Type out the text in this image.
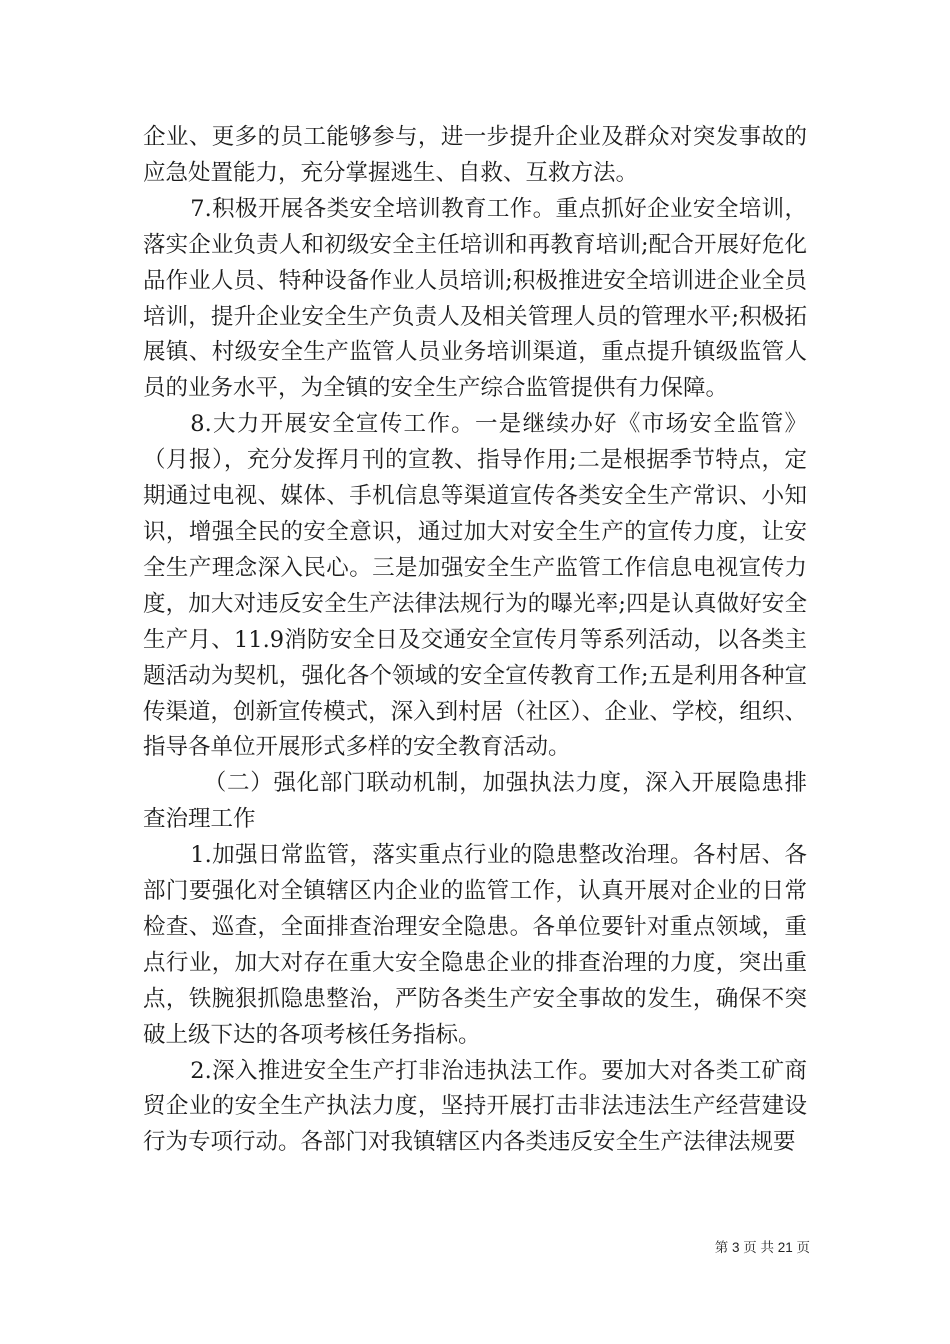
企业、更多的员工能够参与，进一步提升企业及群众对突发事故的应急处置能力，充分掌握逃生、自救、互救方法。

7.积极开展各类安全培训教育工作。重点抓好企业安全培训，落实企业负责人和初级安全主任培训和再教育培训;配合开展好危化品作业人员、特种设备作业人员培训;积极推进安全培训进企业全员培训，提升企业安全生产负责人及相关管理人员的管理水平;积极拓展镇、村级安全生产监管人员业务培训渠道，重点提升镇级监管人员的业务水平，为全镇的安全生产综合监管提供有力保障。

8.大力开展安全宣传工作。一是继续办好《市场安全监管》（月报），充分发挥月刊的宣教、指导作用;二是根据季节特点，定期通过电视、媒体、手机信息等渠道宣传各类安全生产常识、小知识，增强全民的安全意识，通过加大对安全生产的宣传力度，让安全生产理念深入民心。三是加强安全生产监管工作信息电视宣传力度，加大对违反安全生产法律法规行为的曝光率;四是认真做好安全生产月、11.9消防安全日及交通安全宣传月等系列活动，以各类主题活动为契机，强化各个领域的安全宣传教育工作;五是利用各种宣传渠道，创新宣传模式，深入到村居（社区）、企业、学校，组织、指导各单位开展形式多样的安全教育活动。

（二）强化部门联动机制，加强执法力度，深入开展隐患排查治理工作

1.加强日常监管，落实重点行业的隐患整改治理。各村居、各部门要强化对全镇辖区内企业的监管工作，认真开展对企业的日常检查、巡查，全面排查治理安全隐患。各单位要针对重点领域，重点行业，加大对存在重大安全隐患企业的排查治理的力度，突出重点，铁腕狠抓隐患整治，严防各类生产安全事故的发生，确保不突破上级下达的各项考核任务指标。

2.深入推进安全生产打非治违执法工作。要加大对各类工矿商贸企业的安全生产执法力度，坚持开展打击非法违法生产经营建设行为专项行动。各部门对我镇辖区内各类违反安全生产法律法规要

第 3 页 共 21 页
